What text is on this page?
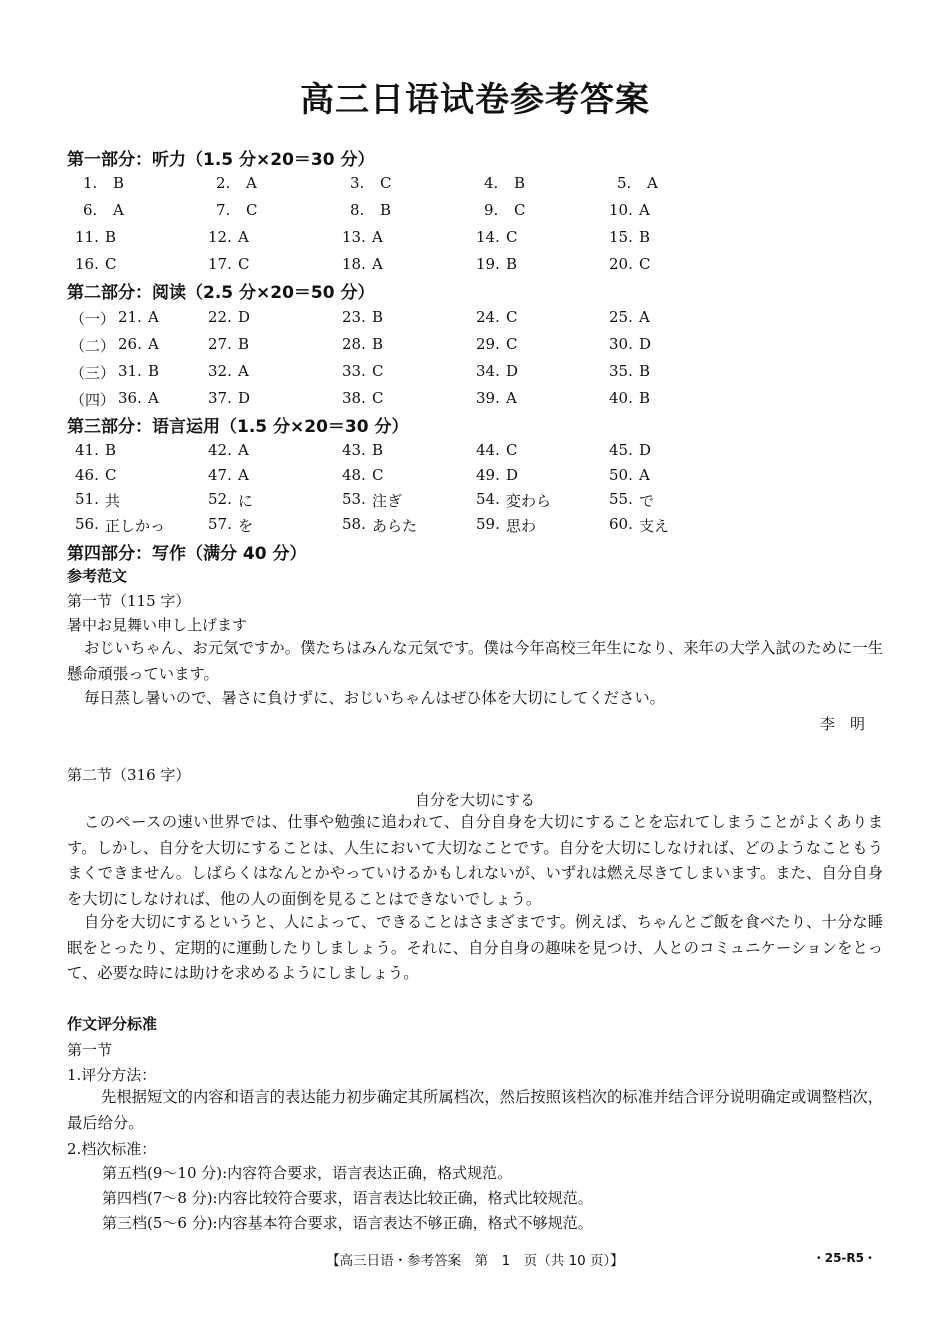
高三日语试卷参考答案
第一部分：听力（1.5 分×20＝30 分）
1. B	2. A	3. C	4. B	5. A
6. A	7. C	8. B	9. C	10. A
11. B	12. A	13. A	14. C	15. B
16. C	17. C	18. A	19. B	20. C
第二部分：阅读（2.5 分×20＝50 分）
（一） 21. A	22. D	23. B	24. C	25. A
（二） 26. A	27. B	28. B	29. C	30. D
（三） 31. B	32. A	33. C	34. D	35. B
（四） 36. A	37. D	38. C	39. A	40. B
第三部分：语言运用（1.5 分×20＝30 分）
41. B	42. A	43. B	44. C	45. D
46. C	47. A	48. C	49. D	50. A
51. 共	52. に	53. 注ぎ	54. 変わら	55. で
56. 正しかっ	57. を	58. あらた	59. 思わ	60. 支え
第四部分：写作（满分 40 分）
参考范文
第一节（115 字）
暑中お見舞い申し上げます
おじいちゃん、お元気ですか。僕たちはみんな元気です。僕は今年高校三年生になり、来年の大学入試のために一生懸命頑張っています。
毎日蒸し暑いので、暑さに負けずに、おじいちゃんはぜひ体を大切にしてください。
李　明
第二节（316 字）
自分を大切にする
このペースの速い世界では、仕事や勉強に追われて、自分自身を大切にすることを忘れてしまうことがよくあります。しかし、自分を大切にすることは、人生において大切なことです。自分を大切にしなければ、どのようなこともうまくできません。しばらくはなんとかやっていけるかもしれないが、いずれは燃え尽きてしまいます。また、自分自身を大切にしなければ、他の人の面倒を見ることはできないでしょう。
自分を大切にするというと、人によって、できることはさまざまです。例えば、ちゃんとご飯を食べたり、十分な睡眠をとったり、定期的に運動したりしましょう。それに、自分自身の趣味を見つけ、人とのコミュニケーションをとって、必要な時には助けを求めるようにしましょう。
作文评分标准
第一节
1.评分方法：
先根据短文的内容和语言的表达能力初步确定其所属档次，然后按照该档次的标准并结合评分说明确定或调整档次，最后给分。
2.档次标准：
第五档(9～10 分):内容符合要求，语言表达正确，格式规范。
第四档(7～8 分):内容比较符合要求，语言表达比较正确，格式比较规范。
第三档(5～6 分):内容基本符合要求，语言表达不够正确，格式不够规范。
【高三日语・参考答案　第　1　页（共 10 页）】	・25-R5・
